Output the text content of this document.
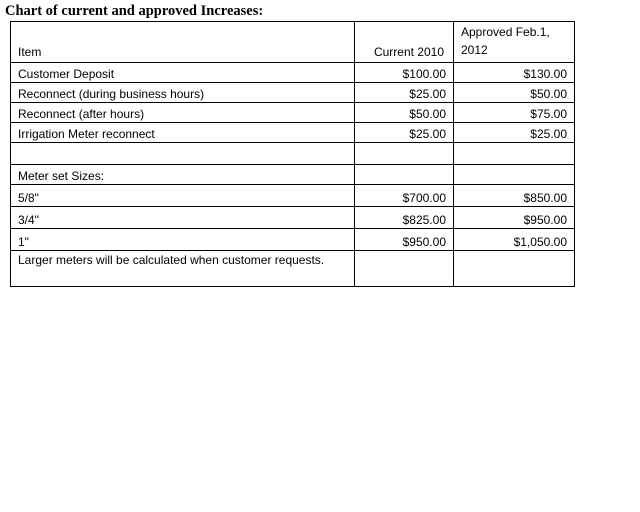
Chart of current and approved Increases:
Item	Current 2010	Approved Feb.1, 2012
Customer Deposit	$100.00	$130.00
Reconnect (during business hours)	$25.00	$50.00
Reconnect (after hours)	$50.00	$75.00
Irrigation Meter reconnect	$25.00	$25.00

Meter set Sizes:		
5/8"	$700.00	$850.00
3/4"	$825.00	$950.00
1"	$950.00	$1,050.00
Larger meters will be calculated when customer requests.		
